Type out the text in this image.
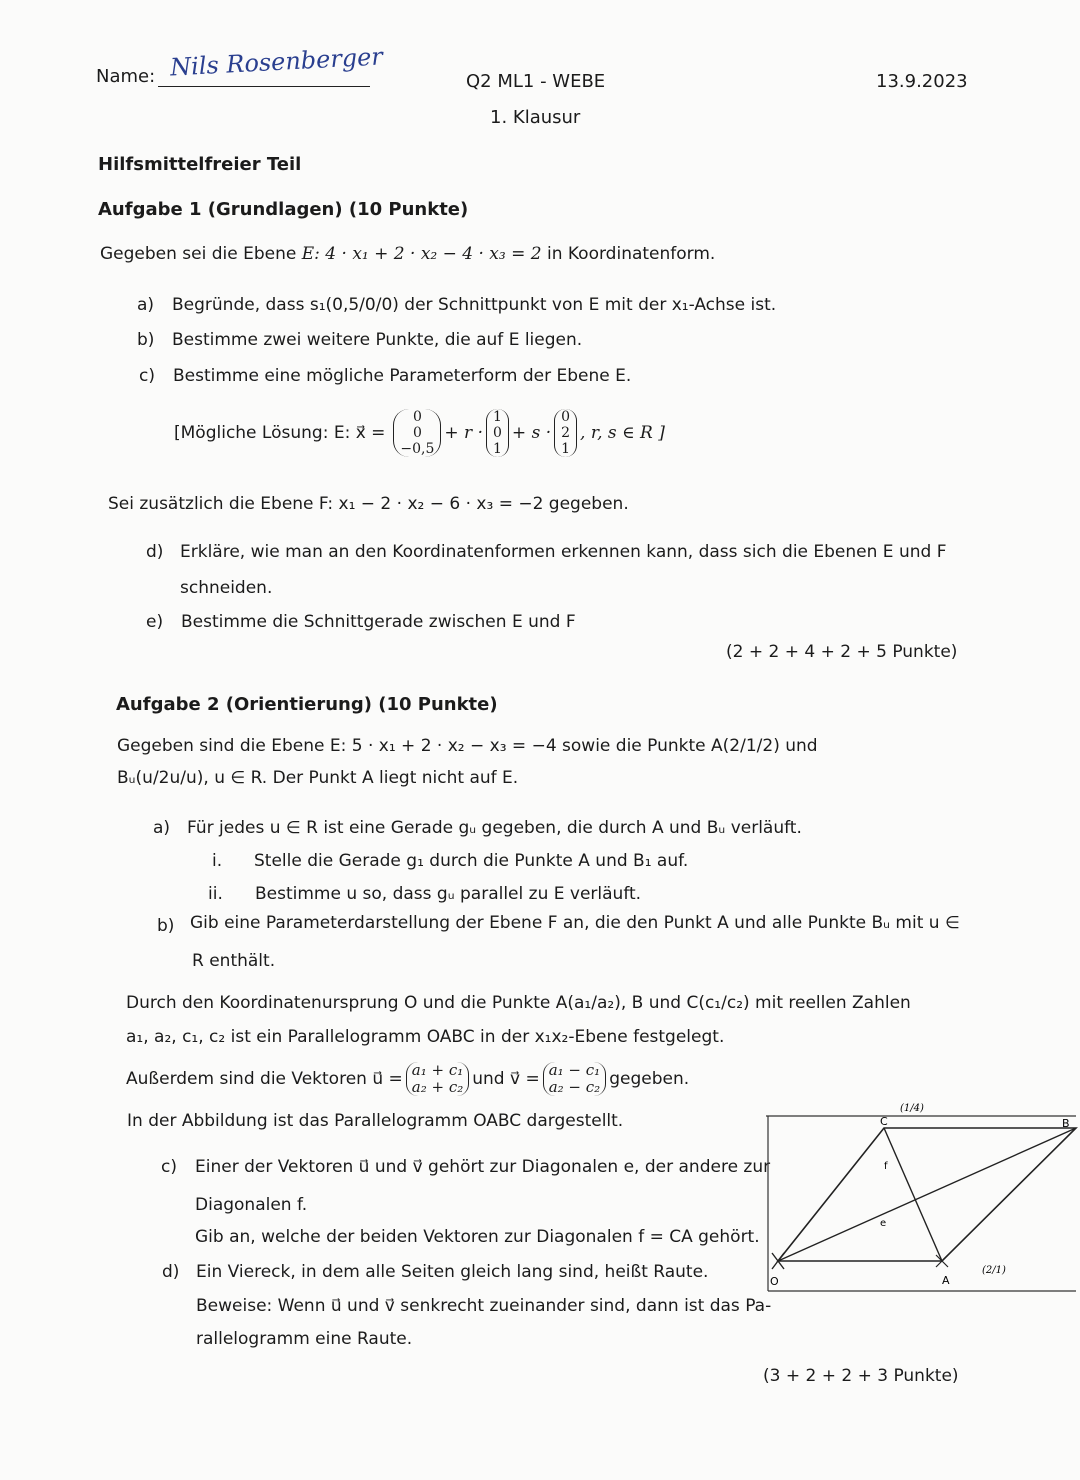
Name: Nils Rosenberger	Q2 ML1 - WEBE	13.9.2023
1. Klausur
Hilfsmittelfreier Teil
Aufgabe 1 (Grundlagen) (10 Punkte)
Gegeben sei die Ebene E: 4 · x₁ + 2 · x₂ − 4 · x₃ = 2 in Koordinatenform.
a) Begründe, dass s₁(0,5/0/0) der Schnittpunkt von E mit der x₁-Achse ist.
b) Bestimme zwei weitere Punkte, die auf E liegen.
c) Bestimme eine mögliche Parameterform der Ebene E.
[Mögliche Lösung: E: x⃗ =
0
0
−0,5
+ r ·
1
0
1
+ s ·
0
2
1
, r, s ∈ R ]
Sei zusätzlich die Ebene F: x₁ − 2 · x₂ − 6 · x₃ = −2 gegeben.
d) Erkläre, wie man an den Koordinatenformen erkennen kann, dass sich die Ebenen E und F
schneiden.
e) Bestimme die Schnittgerade zwischen E und F
(2 + 2 + 4 + 2 + 5 Punkte)
Aufgabe 2 (Orientierung) (10 Punkte)
Gegeben sind die Ebene E: 5 · x₁ + 2 · x₂ − x₃ = −4 sowie die Punkte A(2/1/2) und
Bᵤ(u/2u/u), u ∈ R. Der Punkt A liegt nicht auf E.
a) Für jedes u ∈ R ist eine Gerade gᵤ gegeben, die durch A und Bᵤ verläuft.
i. Stelle die Gerade g₁ durch die Punkte A und B₁ auf.
ii. Bestimme u so, dass gᵤ parallel zu E verläuft.
b) Gib eine Parameterdarstellung der Ebene F an, die den Punkt A und alle Punkte Bᵤ mit u ∈
R enthält.
Durch den Koordinatenursprung O und die Punkte A(a₁/a₂), B und C(c₁/c₂) mit reellen Zahlen
a₁, a₂, c₁, c₂ ist ein Parallelogramm OABC in der x₁x₂-Ebene festgelegt.
Außerdem sind die Vektoren u⃗ = a₁ + c₁
a₂ + c₂ und v⃗ = a₁ − c₁
a₂ − c₂ gegeben.
In der Abbildung ist das Parallelogramm OABC dargestellt.
c) Einer der Vektoren u⃗ und v⃗ gehört zur Diagonalen e, der andere zur
Diagonalen f.
Gib an, welche der beiden Vektoren zur Diagonalen f = CA gehört.
d) Ein Viereck, in dem alle Seiten gleich lang sind, heißt Raute.
Beweise: Wenn u⃗ und v⃗ senkrecht zueinander sind, dann ist das Pa-
rallelogramm eine Raute.
(3 + 2 + 2 + 3 Punkte)
O	A
B
C
e
f
(1/4)
(2/1)
